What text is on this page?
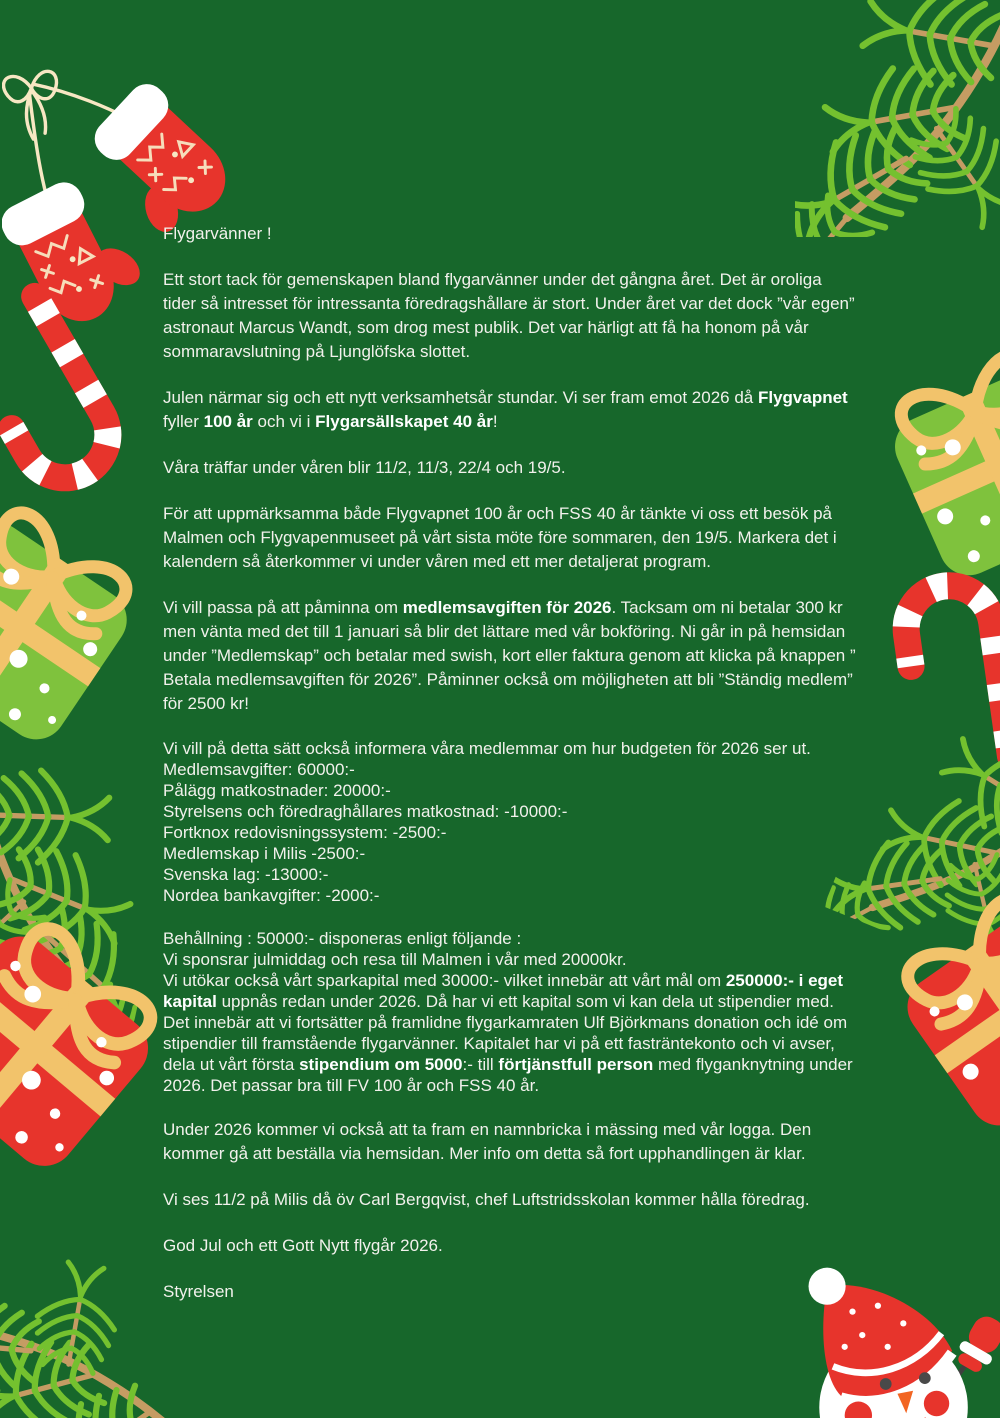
Flygarvänner !
Ett stort tack för gemenskapen bland flygarvänner under det gångna året. Det är oroliga tider så intresset för intressanta föredragshållare är stort. Under året var det dock ”vår egen” astronaut Marcus Wandt, som drog mest publik. Det var härligt att få ha honom på vår sommaravslutning på Ljunglöfska slottet.
Julen närmar sig och ett nytt verksamhetsår stundar. Vi ser fram emot 2026 då Flygvapnet fyller 100 år och vi i Flygarsällskapet 40 år!
Våra träffar under våren blir 11/2, 11/3, 22/4 och 19/5.
För att uppmärksamma både Flygvapnet 100 år och FSS 40 år tänkte vi oss ett besök på Malmen och Flygvapenmuseet på vårt sista möte före sommaren, den 19/5. Markera det i kalendern så återkommer vi under våren med ett mer detaljerat program.
Vi vill passa på att påminna om medlemsavgiften för 2026. Tacksam om ni betalar 300 kr men vänta med det till 1 januari så blir det lättare med vår bokföring. Ni går in på hemsidan under ”Medlemskap” och betalar med swish, kort eller faktura genom att klicka på knappen ” Betala medlemsavgiften för 2026”. Påminner också om möjligheten att bli ”Ständig medlem” för 2500 kr!
Vi vill på detta sätt också informera våra medlemmar om hur budgeten för 2026 ser ut.
Medlemsavgifter: 60000:-
Pålägg matkostnader: 20000:-
Styrelsens och föredraghållares matkostnad: -10000:-
Fortknox redovisningssystem: -2500:-
Medlemskap i Milis -2500:-
Svenska lag: -13000:-
Nordea bankavgifter: -2000:-
Behållning : 50000:- disponeras enligt följande :
Vi sponsrar julmiddag och resa till Malmen i vår med 20000kr.
Vi utökar också vårt sparkapital med 30000:- vilket innebär att vårt mål om 250000:- i eget kapital uppnås redan under 2026. Då har vi ett kapital som vi kan dela ut stipendier med. Det innebär att vi fortsätter på framlidne flygarkamraten Ulf Björkmans donation och idé om stipendier till framstående flygarvänner. Kapitalet har vi på ett fasträntekonto och vi avser, dela ut vårt första stipendium om 5000:- till förtjänstfull person med flyganknytning under 2026. Det passar bra till FV 100 år och FSS 40 år.
Under 2026 kommer vi också att ta fram en namnbricka i mässing med vår logga. Den kommer gå att beställa via hemsidan. Mer info om detta så fort upphandlingen är klar.
Vi ses 11/2 på Milis då öv Carl Bergqvist, chef Luftstridsskolan kommer hålla föredrag.
God Jul och ett Gott Nytt flygår 2026.
Styrelsen
